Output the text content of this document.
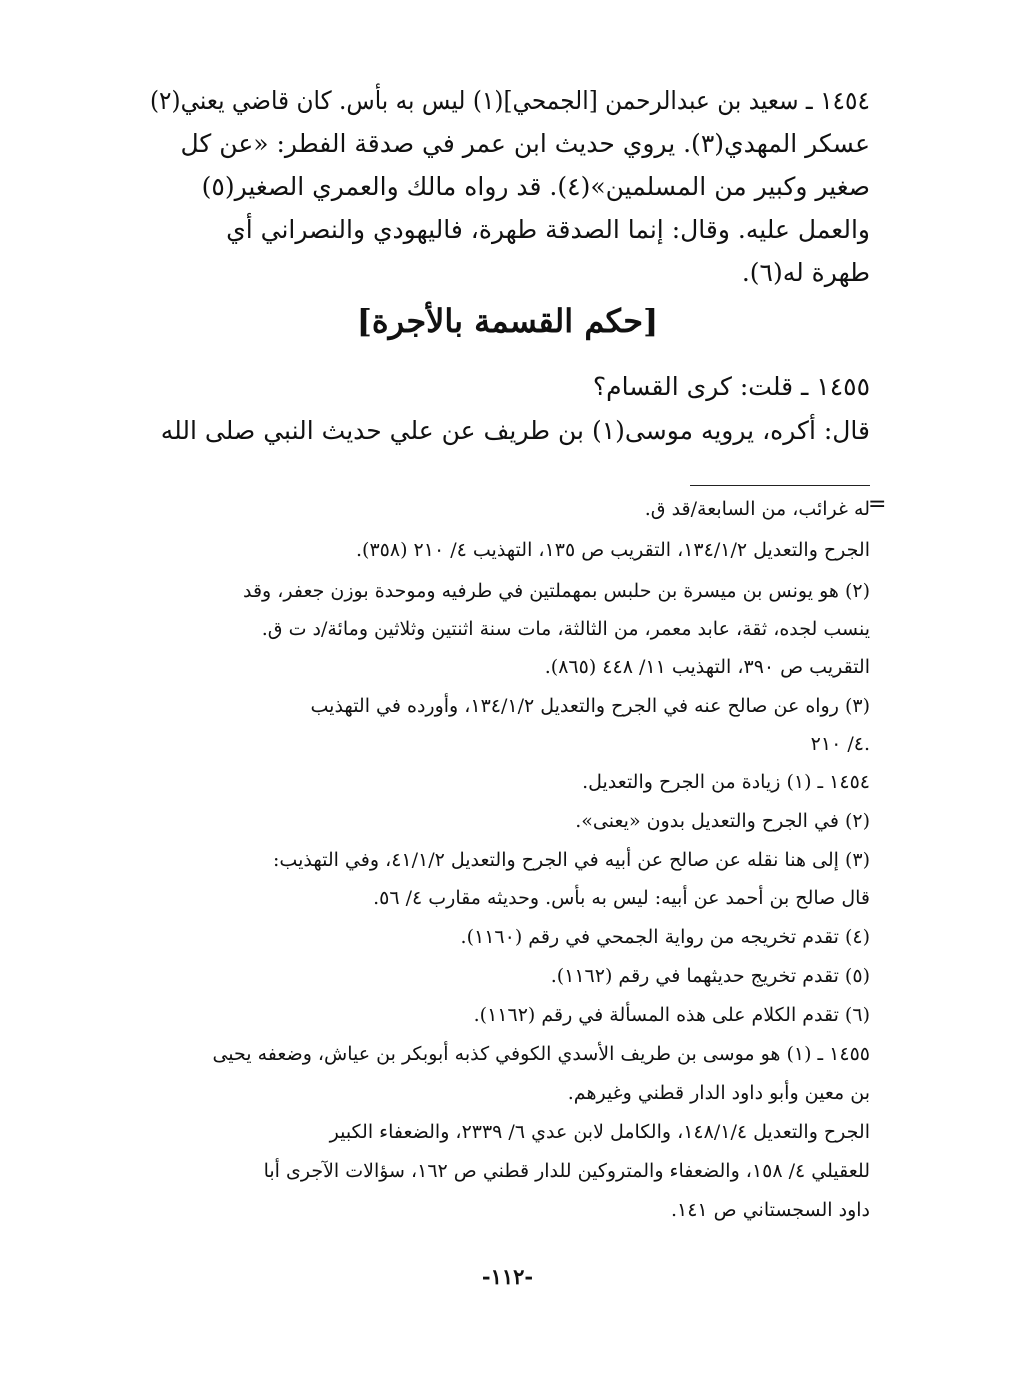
١٤٥٤ ـ سعيد بن عبدالرحمن [الجمحي](١) ليس به بأس. كان قاضي يعني(٢)
عسكر المهدي(٣). يروي حديث ابن عمر في صدقة الفطر: «عن كل
صغير وكبير من المسلمين»(٤). قد رواه مالك والعمري الصغير(٥)
والعمل عليه. وقال: إنما الصدقة طهرة، فاليهودي والنصراني أي
طهرة له(٦).
[حكم القسمة بالأجرة]
١٤٥٥ ـ قلت: كرى القسام؟
قال: أكره، يرويه موسى(١) بن طريف عن علي حديث النبي صلى الله
=
له غرائب، من السابعة/قد ق.
الجرح والتعديل ١٣٤/١/٢، التقريب ص ١٣٥، التهذيب ٤/ ٢١٠ (٣٥٨).
(٢) هو يونس بن ميسرة بن حلبس بمهملتين في طرفيه وموحدة بوزن جعفر، وقد
ينسب لجده، ثقة، عابد معمر، من الثالثة، مات سنة اثنتين وثلاثين ومائة/د ت ق.
التقريب ص ٣٩٠، التهذيب ١١/ ٤٤٨ (٨٦٥).
(٣) رواه عن صالح عنه في الجرح والتعديل ١٣٤/١/٢، وأورده في التهذيب
٤/ ٢١٠.
١٤٥٤ ـ (١) زيادة من الجرح والتعديل.
(٢) في الجرح والتعديل بدون «يعنى».
(٣) إلى هنا نقله عن صالح عن أبيه في الجرح والتعديل ٤١/١/٢، وفي التهذيب:
قال صالح بن أحمد عن أبيه: ليس به بأس. وحديثه مقارب ٤/ ٥٦.
(٤) تقدم تخريجه من رواية الجمحي في رقم (١١٦٠).
(٥) تقدم تخريج حديثهما في رقم (١١٦٢).
(٦) تقدم الكلام على هذه المسألة في رقم (١١٦٢).
١٤٥٥ ـ (١) هو موسى بن طريف الأسدي الكوفي كذبه أبوبكر بن عياش، وضعفه يحيى
بن معين وأبو داود الدار قطني وغيرهم.
الجرح والتعديل ١٤٨/١/٤، والكامل لابن عدي ٦/ ٢٣٣٩، والضعفاء الكبير
للعقيلي ٤/ ١٥٨، والضعفاء والمتروكين للدار قطني ص ١٦٢، سؤالات الآجرى أبا
داود السجستاني ص ١٤١.
-١١٢-
